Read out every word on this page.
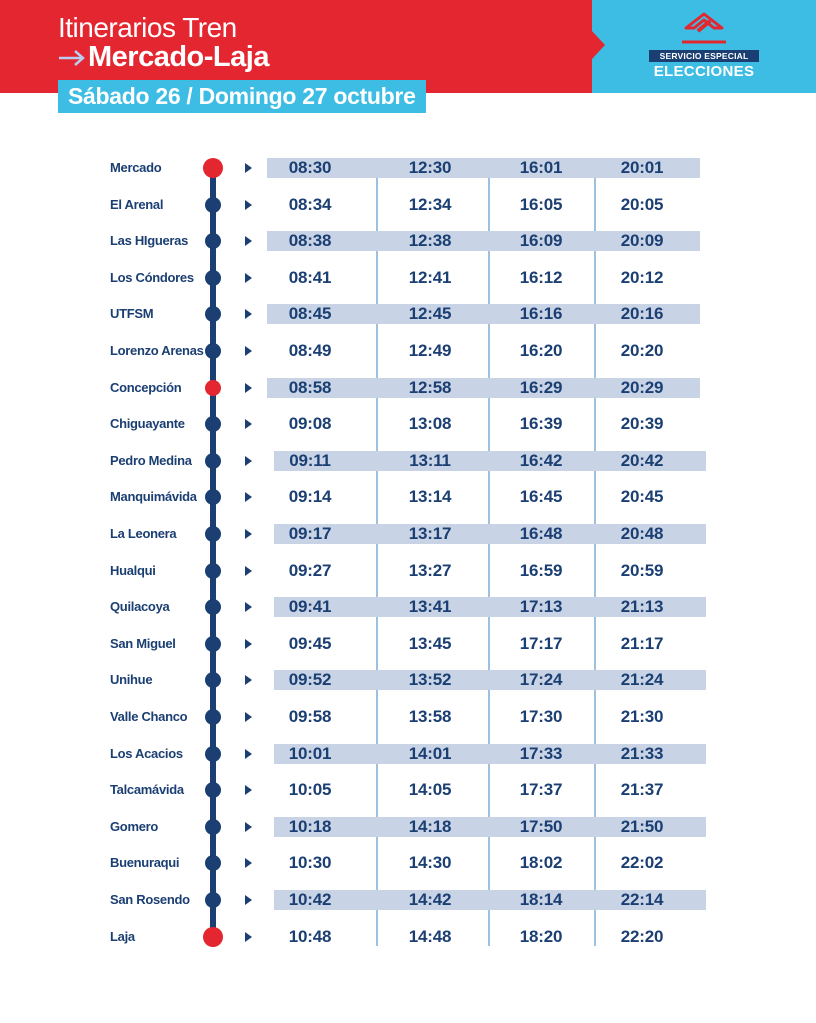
Itinerarios Tren
Mercado-Laja
Sábado 26 / Domingo 27 octubre
SERVICIO ESPECIAL
ELECCIONES
Mercado	08:30	12:30	16:01	20:01
El Arenal	08:34	12:34	16:05	20:05
Las HIgueras	08:38	12:38	16:09	20:09
Los Cóndores	08:41	12:41	16:12	20:12
UTFSM	08:45	12:45	16:16	20:16
Lorenzo Arenas	08:49	12:49	16:20	20:20
Concepción	08:58	12:58	16:29	20:29
Chiguayante	09:08	13:08	16:39	20:39
Pedro Medina	09:11	13:11	16:42	20:42
Manquimávida	09:14	13:14	16:45	20:45
La Leonera	09:17	13:17	16:48	20:48
Hualqui	09:27	13:27	16:59	20:59
Quilacoya	09:41	13:41	17:13	21:13
San Miguel	09:45	13:45	17:17	21:17
Unihue	09:52	13:52	17:24	21:24
Valle Chanco	09:58	13:58	17:30	21:30
Los Acacios	10:01	14:01	17:33	21:33
Talcamávida	10:05	14:05	17:37	21:37
Gomero	10:18	14:18	17:50	21:50
Buenuraqui	10:30	14:30	18:02	22:02
San Rosendo	10:42	14:42	18:14	22:14
Laja	10:48	14:48	18:20	22:20
